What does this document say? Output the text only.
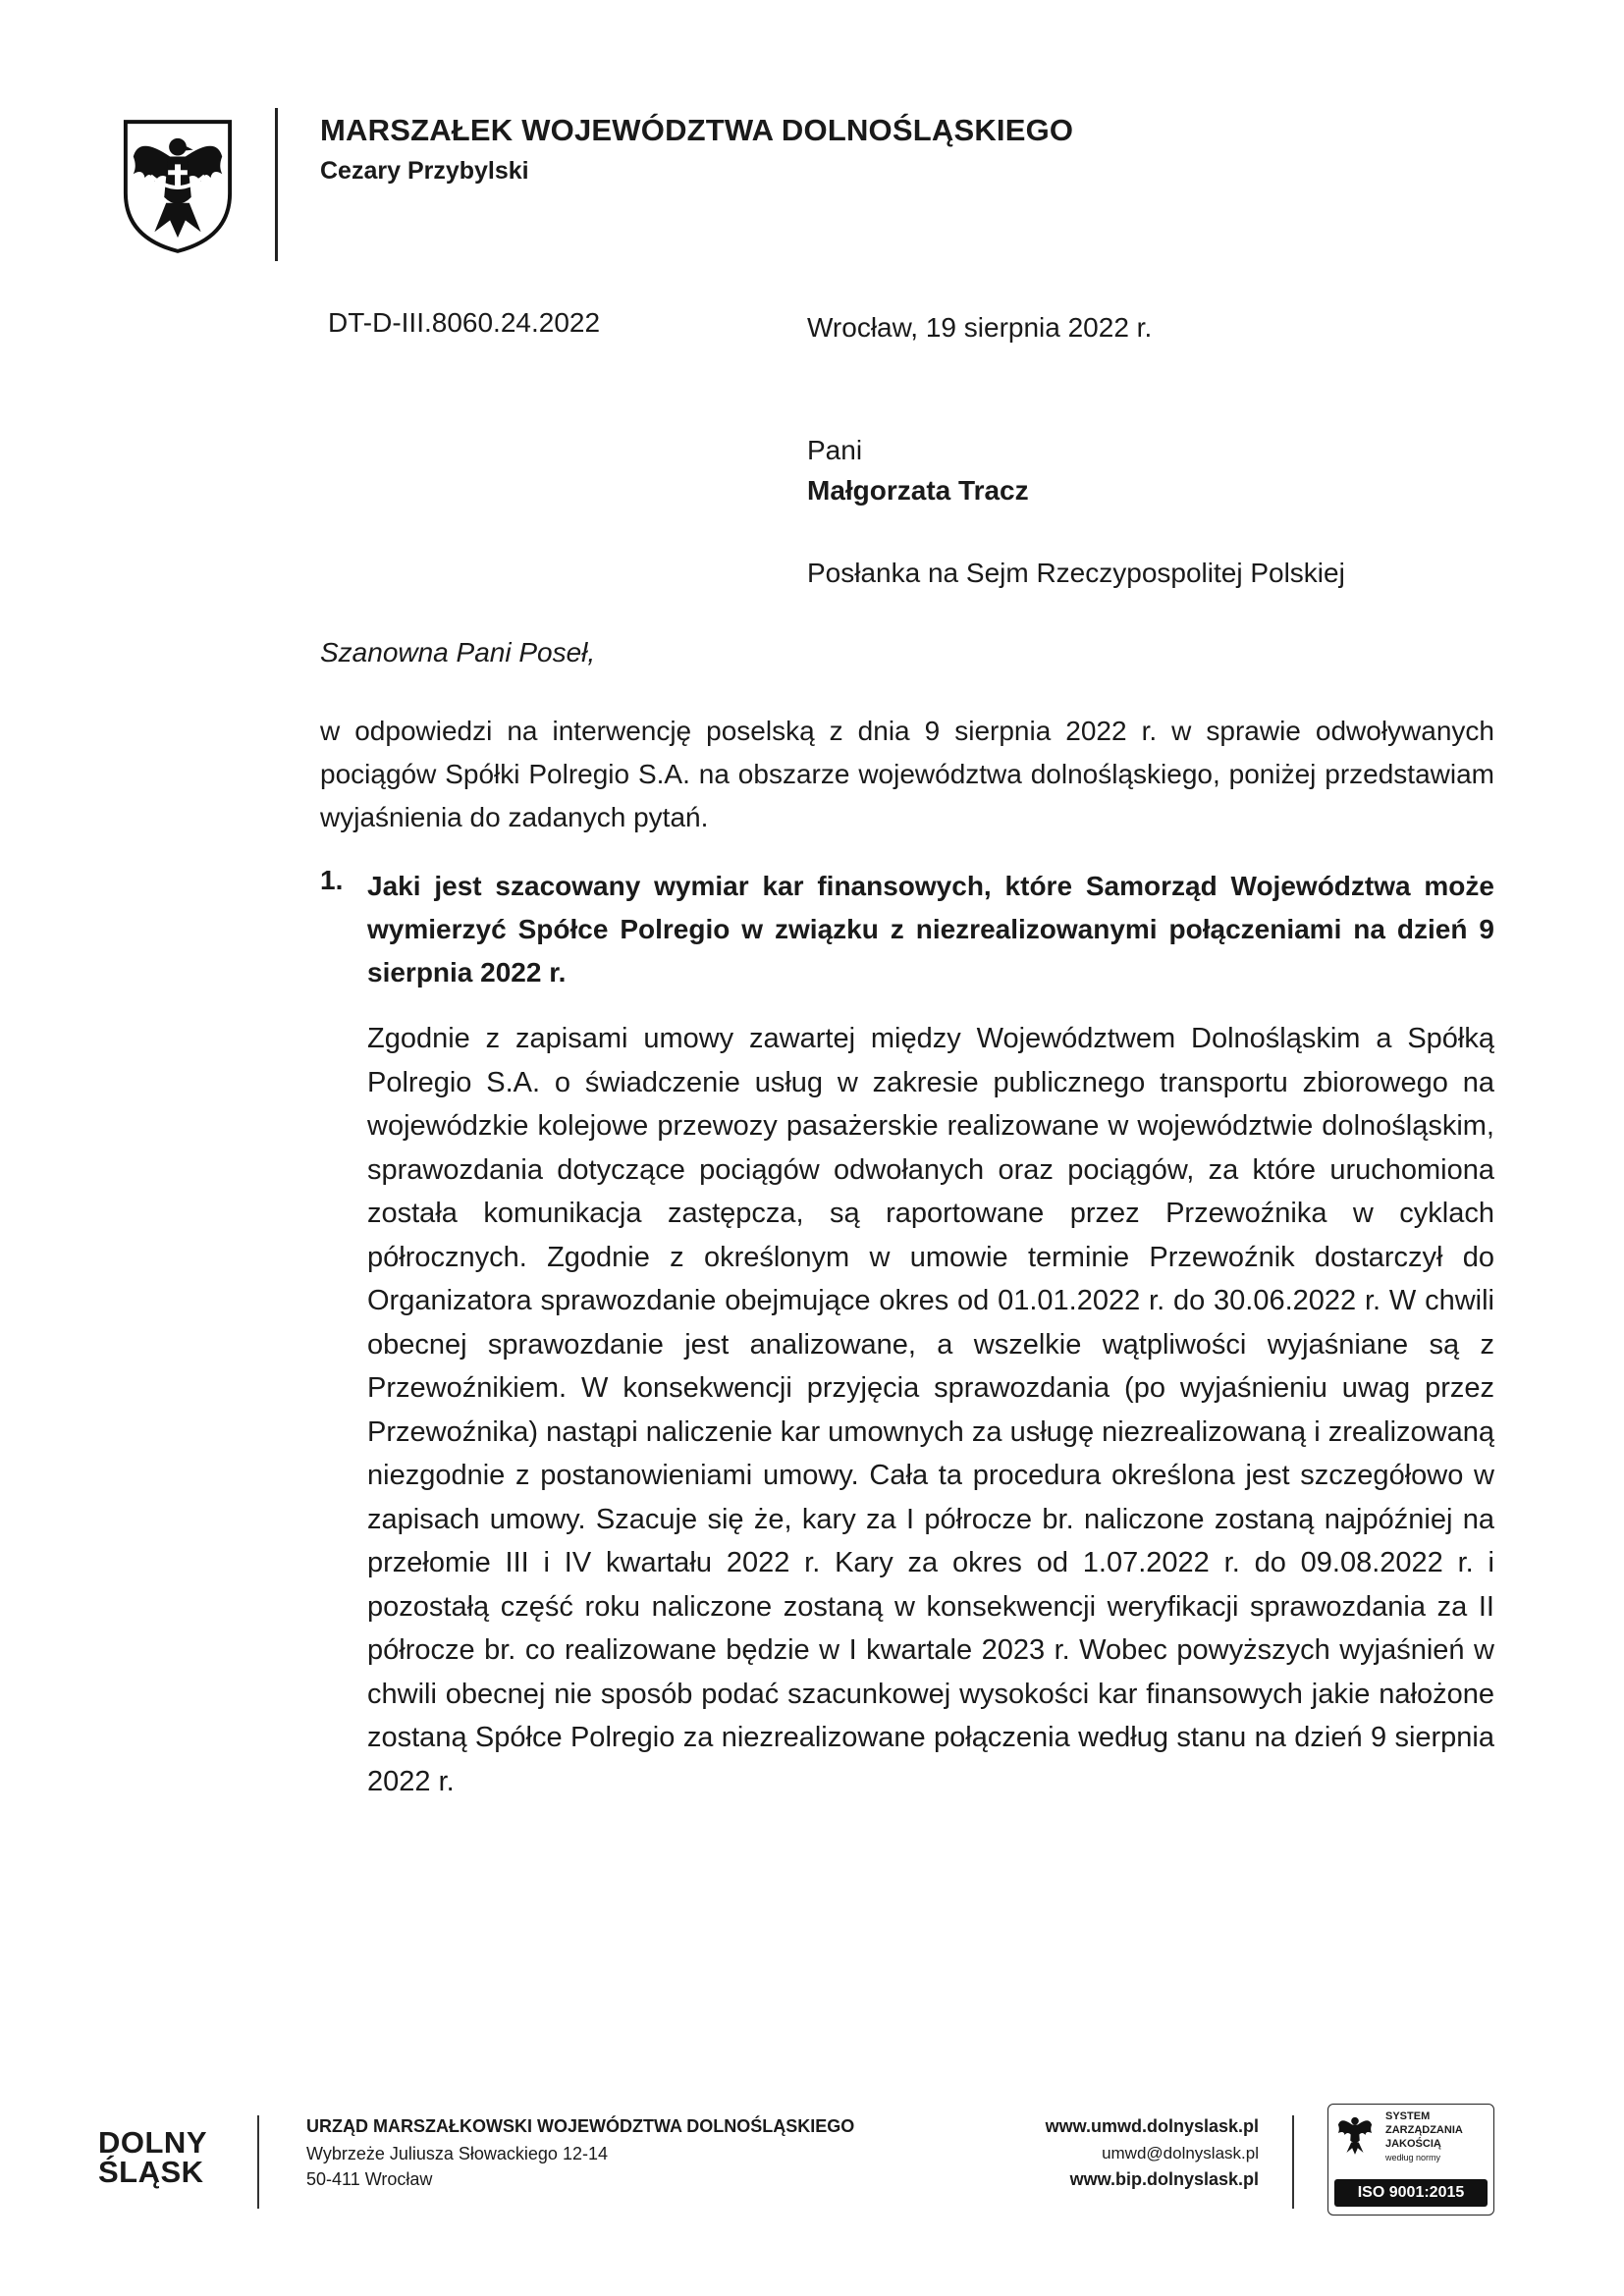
MARSZAŁEK WOJEWÓDZTWA DOLNOŚLĄSKIEGO
Cezary Przybylski
DT-D-III.8060.24.2022	Wrocław, 19 sierpnia 2022 r.
Pani
Małgorzata Tracz
Posłanka na Sejm Rzeczypospolitej Polskiej
Szanowna Pani Poseł,
w odpowiedzi na interwencję poselską z dnia 9 sierpnia 2022 r. w sprawie odwoływanych pociągów Spółki Polregio S.A. na obszarze województwa dolnośląskiego, poniżej przedstawiam wyjaśnienia do zadanych pytań.
1. Jaki jest szacowany wymiar kar finansowych, które Samorząd Województwa może wymierzyć Spółce Polregio w związku z niezrealizowanymi połączeniami na dzień 9 sierpnia 2022 r.
Zgodnie z zapisami umowy zawartej między Województwem Dolnośląskim a Spółką Polregio S.A. o świadczenie usług w zakresie publicznego transportu zbiorowego na wojewódzkie kolejowe przewozy pasażerskie realizowane w województwie dolnośląskim, sprawozdania dotyczące pociągów odwołanych oraz pociągów, za które uruchomiona została komunikacja zastępcza, są raportowane przez Przewoźnika w cyklach półrocznych. Zgodnie z określonym w umowie terminie Przewoźnik dostarczył do Organizatora sprawozdanie obejmujące okres od 01.01.2022 r. do 30.06.2022 r. W chwili obecnej sprawozdanie jest analizowane, a wszelkie wątpliwości wyjaśniane są z Przewoźnikiem. W konsekwencji przyjęcia sprawozdania (po wyjaśnieniu uwag przez Przewoźnika) nastąpi naliczenie kar umownych za usługę niezrealizowaną i zrealizowaną niezgodnie z postanowieniami umowy. Cała ta procedura określona jest szczegółowo w zapisach umowy. Szacuje się że, kary za I półrocze br. naliczone zostaną najpóźniej na przełomie III i IV kwartału 2022 r. Kary za okres od 1.07.2022 r. do 09.08.2022 r. i pozostałą część roku naliczone zostaną w konsekwencji weryfikacji sprawozdania za II półrocze br. co realizowane będzie w I kwartale 2023 r. Wobec powyższych wyjaśnień w chwili obecnej nie sposób podać szacunkowej wysokości kar finansowych jakie nałożone zostaną Spółce Polregio za niezrealizowane połączenia według stanu na dzień 9 sierpnia 2022 r.
DOLNY
ŚLĄSK
URZĄD MARSZAŁKOWSKI WOJEWÓDZTWA DOLNOŚLĄSKIEGO
Wybrzeże Juliusza Słowackiego 12-14
50-411 Wrocław
www.umwd.dolnyslask.pl
umwd@dolnyslask.pl
www.bip.dolnyslask.pl
SYSTEM
ZARZĄDZANIA
JAKOŚCIĄ
według normy
ISO 9001:2015
